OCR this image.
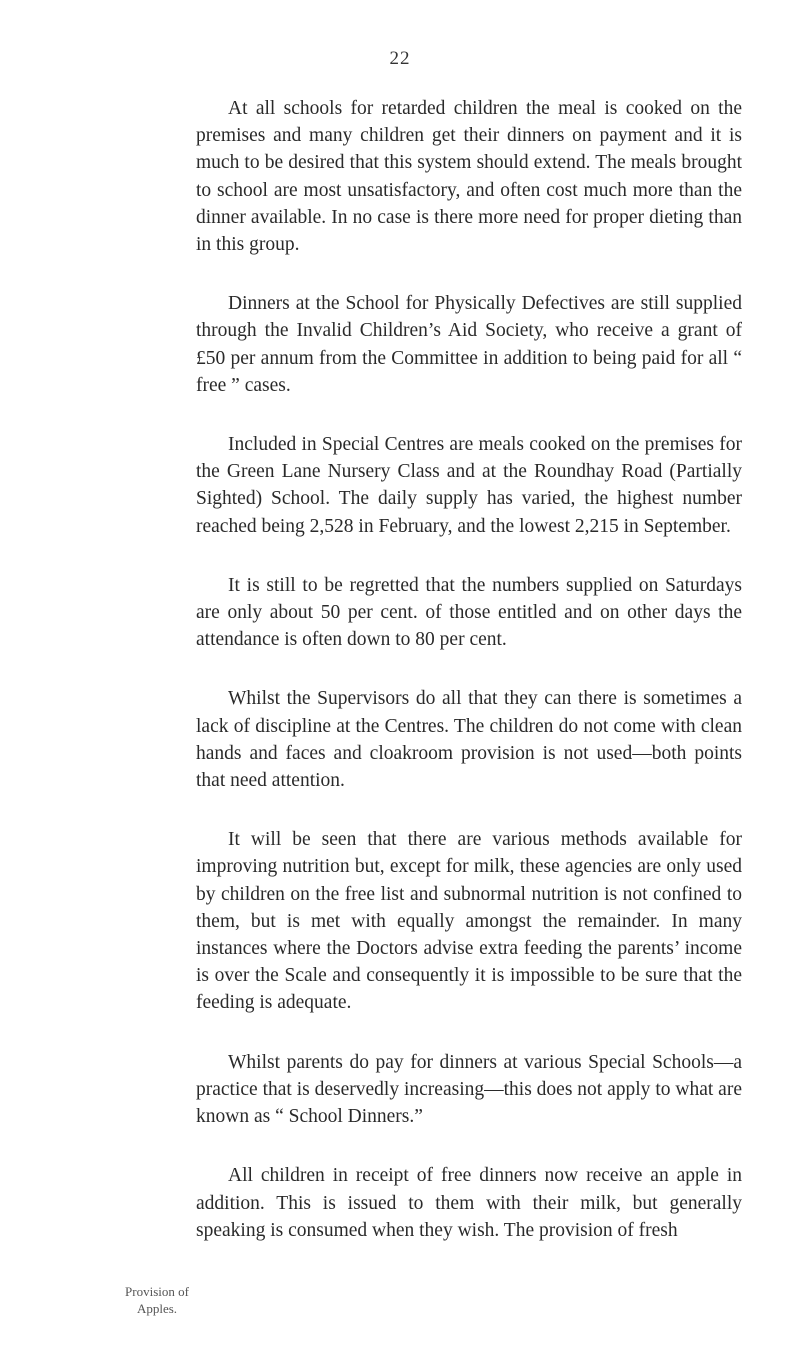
22

At all schools for retarded children the meal is cooked on the premises and many children get their dinners on payment and it is much to be desired that this system should extend. The meals brought to school are most unsatisfactory, and often cost much more than the dinner available. In no case is there more need for proper dieting than in this group.

Dinners at the School for Physically Defectives are still supplied through the Invalid Children’s Aid Society, who receive a grant of £50 per annum from the Committee in addition to being paid for all “ free ” cases.

Included in Special Centres are meals cooked on the premises for the Green Lane Nursery Class and at the Roundhay Road (Partially Sighted) School. The daily supply has varied, the highest number reached being 2,528 in February, and the lowest 2,215 in September.

It is still to be regretted that the numbers supplied on Saturdays are only about 50 per cent. of those entitled and on other days the attendance is often down to 80 per cent.

Whilst the Supervisors do all that they can there is sometimes a lack of discipline at the Centres. The children do not come with clean hands and faces and cloakroom provision is not used—both points that need attention.

It will be seen that there are various methods available for improving nutrition but, except for milk, these agencies are only used by children on the free list and subnormal nutrition is not confined to them, but is met with equally amongst the remainder. In many instances where the Doctors advise extra feeding the parents’ income is over the Scale and consequently it is impossible to be sure that the feeding is adequate.

Whilst parents do pay for dinners at various Special Schools—a practice that is deservedly increasing—this does not apply to what are known as “ School Dinners.”

All children in receipt of free dinners now receive an apple in addition. This is issued to them with their milk, but generally speaking is consumed when they wish. The provision of fresh

Provision of
Apples.
